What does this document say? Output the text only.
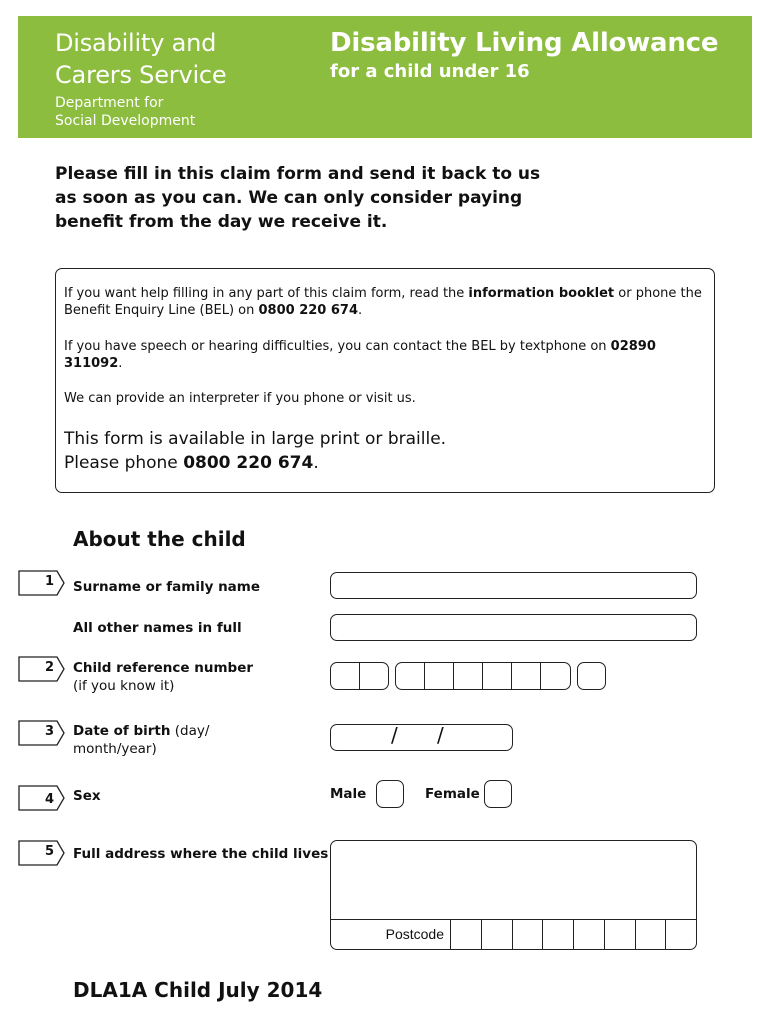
Disability and
Carers Service
Department for
Social Development
Disability Living Allowance
for a child under 16
Please fill in this claim form and send it back to us
as soon as you can. We can only consider paying
benefit from the day we receive it.

If you want help filling in any part of this claim form, read the information booklet or phone the Benefit Enquiry Line (BEL) on 0800 220 674.

If you have speech or hearing difficulties, you can contact the BEL by textphone on 02890 311092.

We can provide an interpreter if you phone or visit us.

This form is available in large print or braille.
Please phone 0800 220 674.
About the child
1 Surname or family name
All other names in full
2 Child reference number
(if you know it)
3 Date of birth (day/
month/year)
/ /
4 Sex	Male	Female
5 Full address where the child lives
Postcode
DLA1A Child July 2014
